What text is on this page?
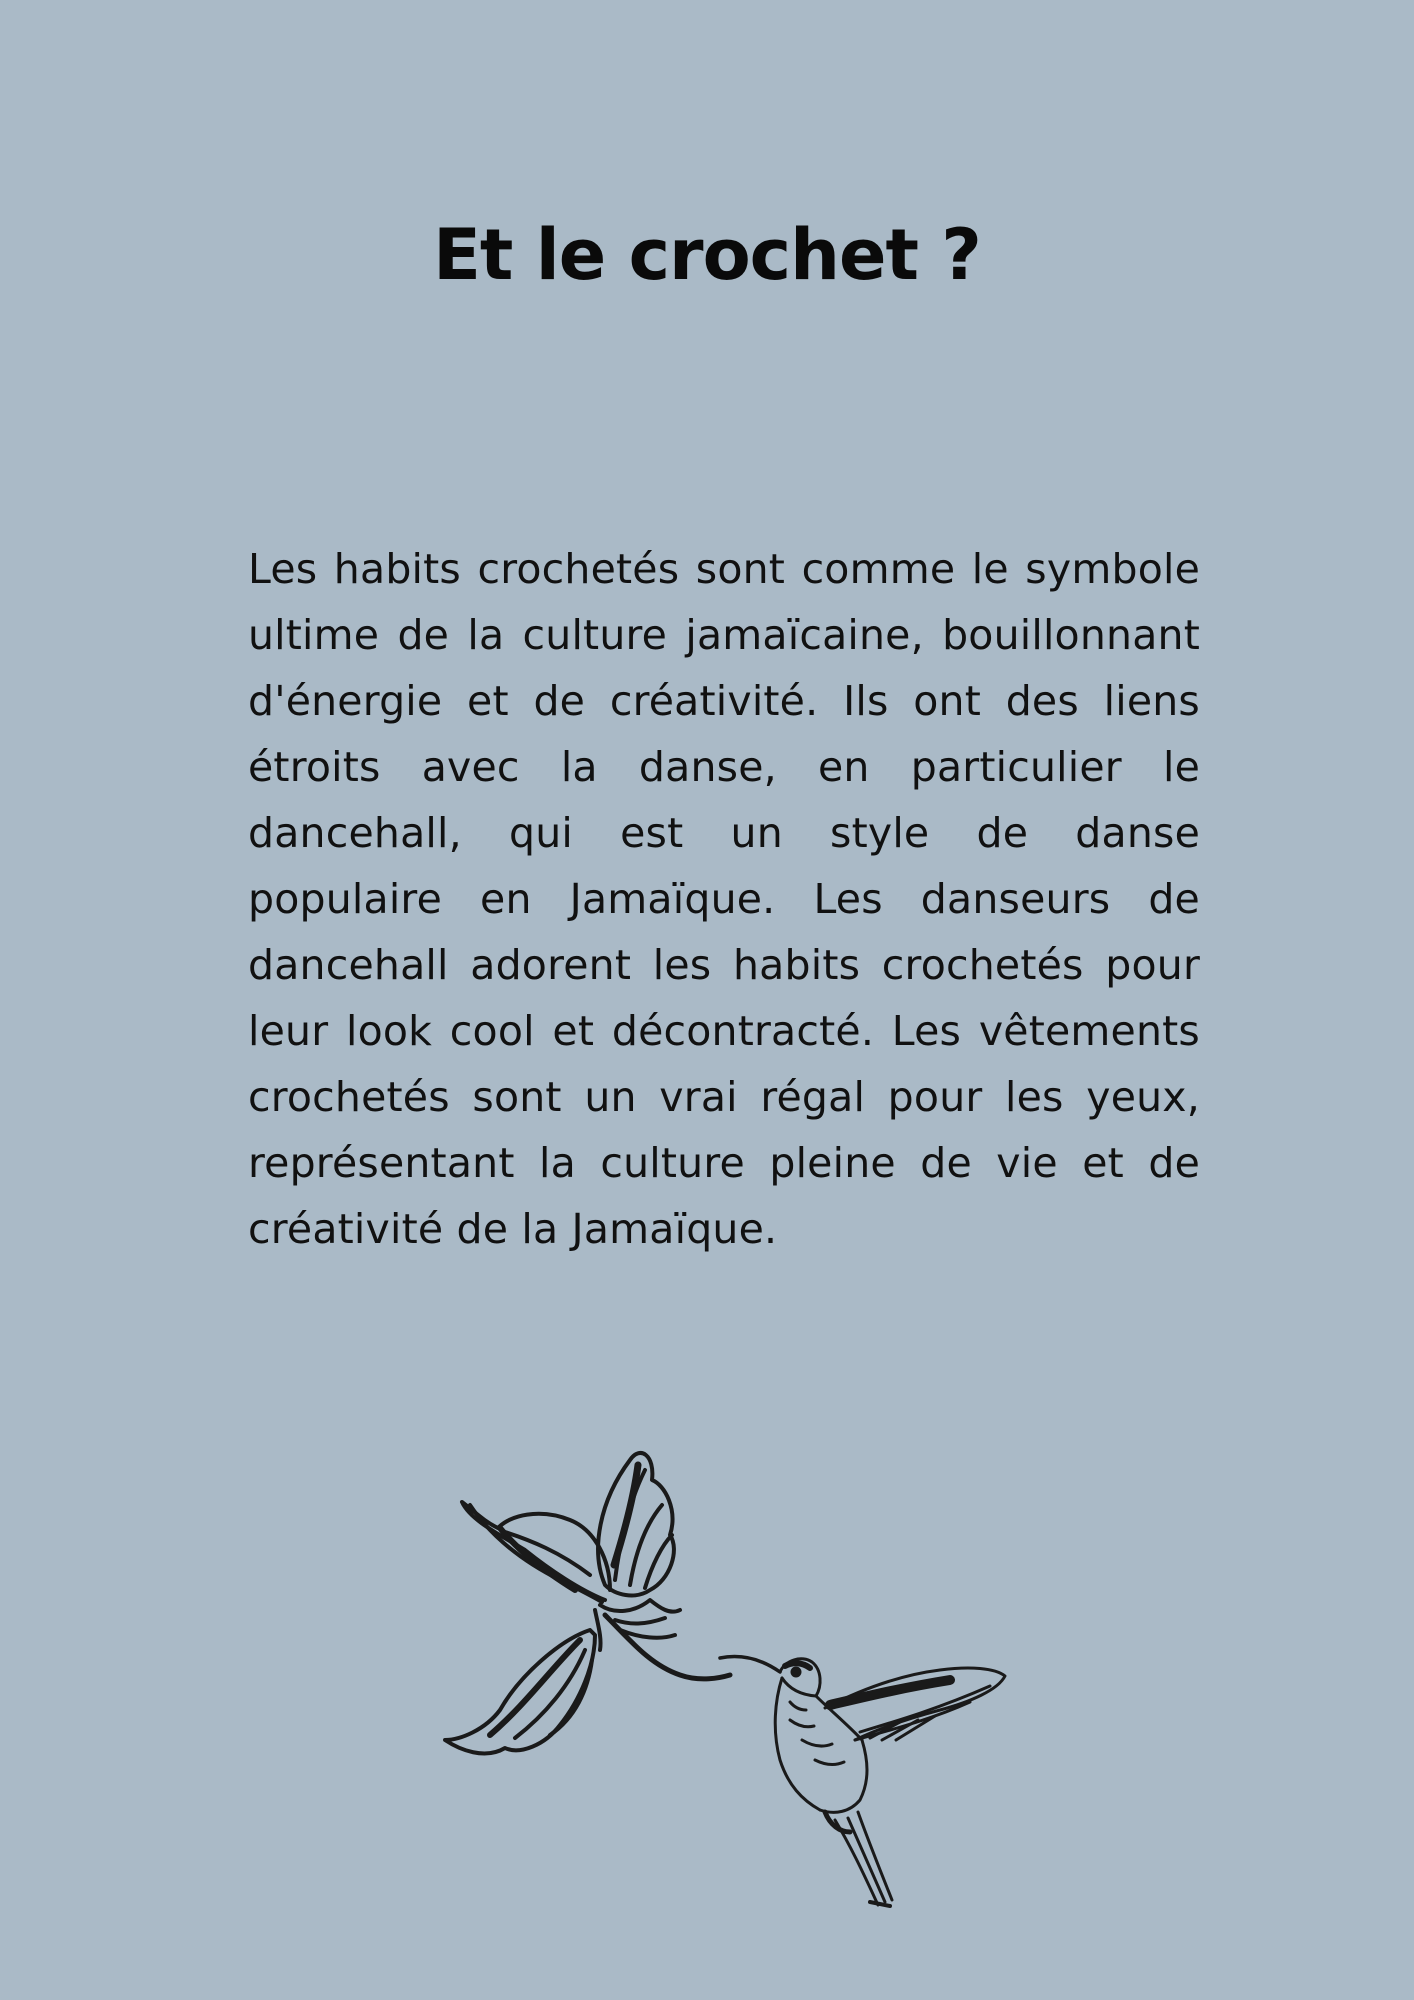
Et le crochet ?

Les habits crochetés sont comme le symbole ultime de la culture jamaïcaine, bouillonnant d'énergie et de créativité. Ils ont des liens étroits avec la danse, en particulier le dancehall, qui est un style de danse populaire en Jamaïque. Les danseurs de dancehall adorent les habits crochetés pour leur look cool et décontracté. Les vêtements crochetés sont un vrai régal pour les yeux, représentant la culture pleine de vie et de créativité de la Jamaïque.
